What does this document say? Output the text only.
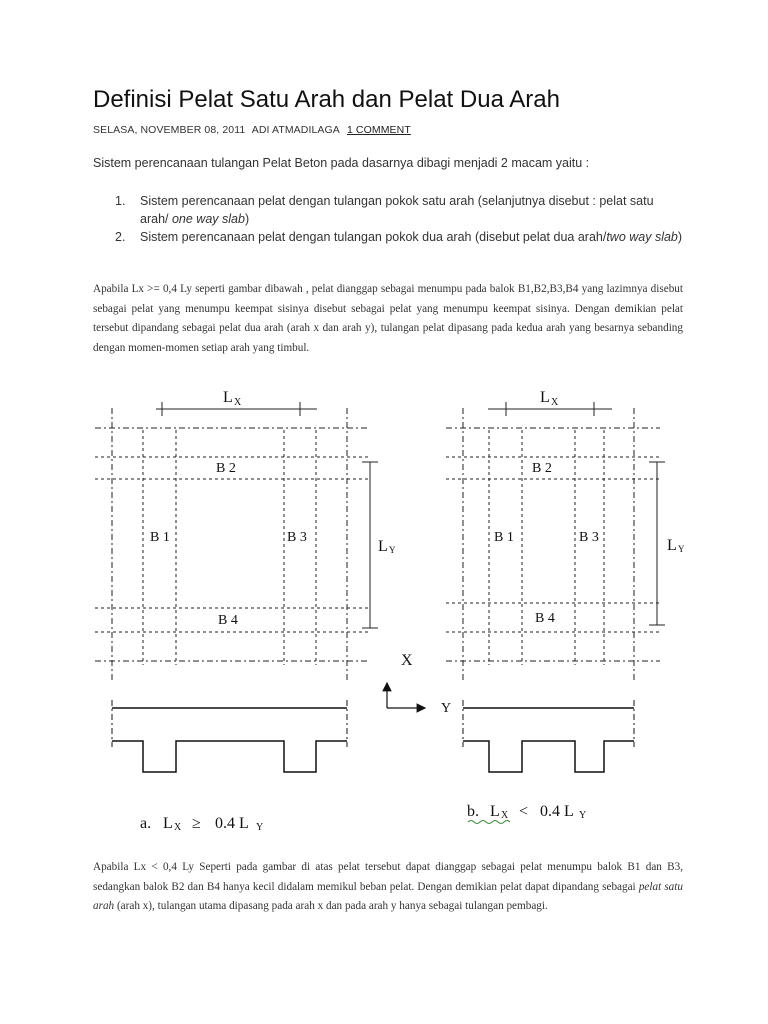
Definisi Pelat Satu Arah dan Pelat Dua Arah
SELASA, NOVEMBER 08, 2011 ADI ATMADILAGA 1 COMMENT

Sistem perencanaan tulangan Pelat Beton pada dasarnya dibagi menjadi 2 macam yaitu :

1. Sistem perencanaan pelat dengan tulangan pokok satu arah (selanjutnya disebut : pelat satu arah/ one way slab)
2. Sistem perencanaan pelat dengan tulangan pokok dua arah (disebut pelat dua arah/two way slab)

Apabila Lx >= 0,4 Ly seperti gambar dibawah , pelat dianggap sebagai menumpu pada balok B1,B2,B3,B4 yang lazimnya disebut sebagai pelat yang menumpu keempat sisinya disebut sebagai pelat yang menumpu keempat sisinya. Dengan demikian pelat tersebut dipandang sebagai pelat dua arah (arah x dan arah y), tulangan pelat dipasang pada kedua arah yang besarnya sebanding dengan momen-momen setiap arah yang timbul.

L X
B 2
B 1	B 3
B 4
L Y
a. L X ≥ 0.4 L Y
X
Y
L X
B 2
B 1	B 3
B 4
L Y
b. L X < 0.4 L Y

Apabila Lx < 0,4 Ly Seperti pada gambar di atas pelat tersebut dapat dianggap sebagai pelat menumpu balok B1 dan B3, sedangkan balok B2 dan B4 hanya kecil didalam memikul beban pelat. Dengan demikian pelat dapat dipandang sebagai pelat satu arah (arah x), tulangan utama dipasang pada arah x dan pada arah y hanya sebagai tulangan pembagi.
